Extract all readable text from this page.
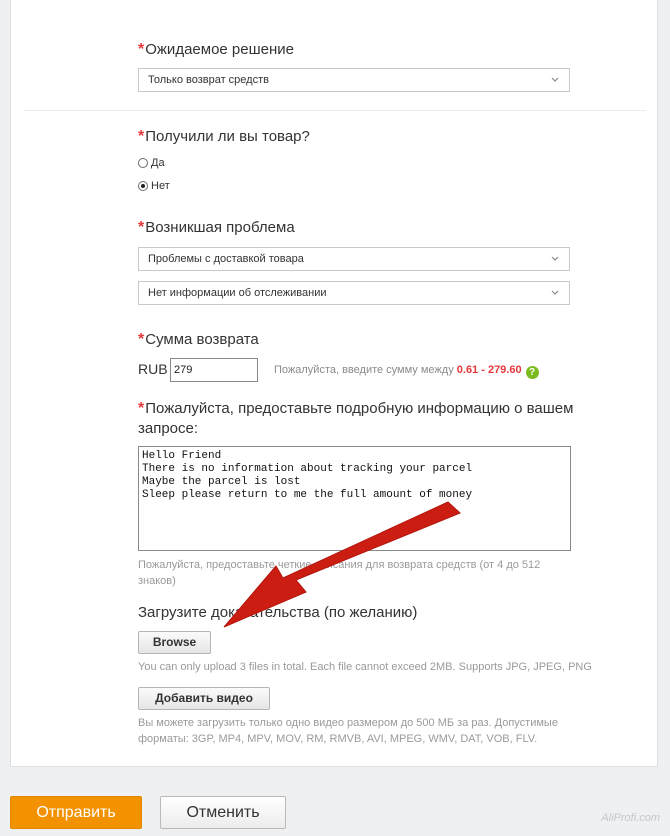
*Ожидаемое решение
Только возврат средств
*Получили ли вы товар?
Да
Нет
*Возникшая проблема
Проблемы с доставкой товара
Нет информации об отслеживании
*Сумма возврата
RUB
279	Пожалуйста, введите сумму между 0.61 - 279.60 ?
*Пожалуйста, предоставьте подробную информацию о вашем запросе:
Hello Friend
There is no information about tracking your parcel
Maybe the parcel is lost
Sleep please return to me the full amount of money
Пожалуйста, предоставьте четкие описания для возврата средств (от 4 до 512 знаков)
Загрузите доказательства (по желанию)
Browse
You can only upload 3 files in total. Each file cannot exceed 2MB. Supports JPG, JPEG, PNG
Добавить видео
Вы можете загрузить только одно видео размером до 500 МБ за раз. Допустимые форматы: 3GP, MP4, MPV, MOV, RM, RMVB, AVI, MPEG, WMV, DAT, VOB, FLV.
Отправить	Отменить	AliProfi.com
